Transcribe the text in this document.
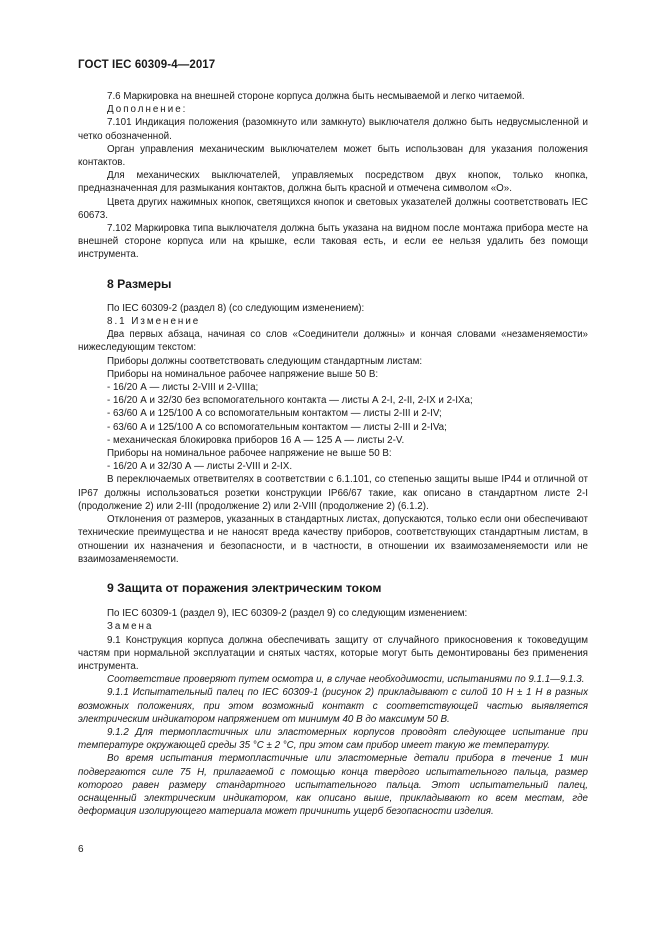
ГОСТ IEC 60309-4—2017

7.6 Маркировка на внешней стороне корпуса должна быть несмываемой и легко читаемой.

Дополнение:

7.101 Индикация положения (разомкнуто или замкнуто) выключателя должно быть недвусмысленной и четко обозначенной.

Орган управления механическим выключателем может быть использован для указания положения контактов.

Для механических выключателей, управляемых посредством двух кнопок, только кнопка, предназначенная для размыкания контактов, должна быть красной и отмечена символом «О».

Цвета других нажимных кнопок, светящихся кнопок и световых указателей должны соответствовать IEC 60673.

7.102 Маркировка типа выключателя должна быть указана на видном после монтажа прибора месте на внешней стороне корпуса или на крышке, если таковая есть, и если ее нельзя удалить без помощи инструмента.

8 Размеры

По IEC 60309-2 (раздел 8) (со следующим изменением):

8.1 Изменение

Два первых абзаца, начиная со слов «Соединители должны» и кончая словами «незаменяемости» нижеследующим текстом:

Приборы должны соответствовать следующим стандартным листам:

Приборы на номинальное рабочее напряжение выше 50 В:

- 16/20 А — листы 2-VIII и 2-VIIIa;

- 16/20 А и 32/30 без вспомогательного контакта — листы А 2-I, 2-II, 2-IX и 2-IXa;

- 63/60 А и 125/100 А со вспомогательным контактом — листы 2-III и 2-IV;

- 63/60 А и 125/100 А со вспомогательным контактом — листы 2-III и 2-IVa;

- механическая блокировка приборов 16 А — 125 А — листы 2-V.

Приборы на номинальное рабочее напряжение не выше 50 В:

- 16/20 А и 32/30 А — листы 2-VIII и 2-IX.

В переключаемых ответвителях в соответствии с 6.1.101, со степенью защиты выше IP44 и отличной от IP67 должны использоваться розетки конструкции IP66/67 такие, как описано в стандартном листе 2-I (продолжение 2) или 2-III (продолжение 2) или 2-VIII (продолжение 2) (6.1.2).

Отклонения от размеров, указанных в стандартных листах, допускаются, только если они обеспечивают технические преимущества и не наносят вреда качеству приборов, соответствующих стандартным листам, в отношении их назначения и безопасности, и в частности, в отношении их взаимозаменяемости или не взаимозаменяемости.

9 Защита от поражения электрическим током

По IEC 60309-1 (раздел 9), IEC 60309-2 (раздел 9) со следующим изменением:

Замена

9.1 Конструкция корпуса должна обеспечивать защиту от случайного прикосновения к токоведущим частям при нормальной эксплуатации и снятых частях, которые могут быть демонтированы без применения инструмента.

Соответствие проверяют путем осмотра и, в случае необходимости, испытаниями по 9.1.1—9.1.3.

9.1.1 Испытательный палец по IEC 60309-1 (рисунок 2) прикладывают с силой 10 Н ± 1 Н в разных возможных положениях, при этом возможный контакт с соответствующей частью выявляется электрическим индикатором напряжением от минимум 40 В до максимум 50 В.

9.1.2 Для термопластичных или эластомерных корпусов проводят следующее испытание при температуре окружающей среды 35 °С ± 2 °С, при этом сам прибор имеет такую же температуру.

Во время испытания термопластичные или эластомерные детали прибора в течение 1 мин подвергаются силе 75 Н, прилагаемой с помощью конца твердого испытательного пальца, размер которого равен размеру стандартного испытательного пальца. Этот испытательный палец, оснащенный электрическим индикатором, как описано выше, прикладывают ко всем местам, где деформация изолирующего материала может причинить ущерб безопасности изделия.

6
